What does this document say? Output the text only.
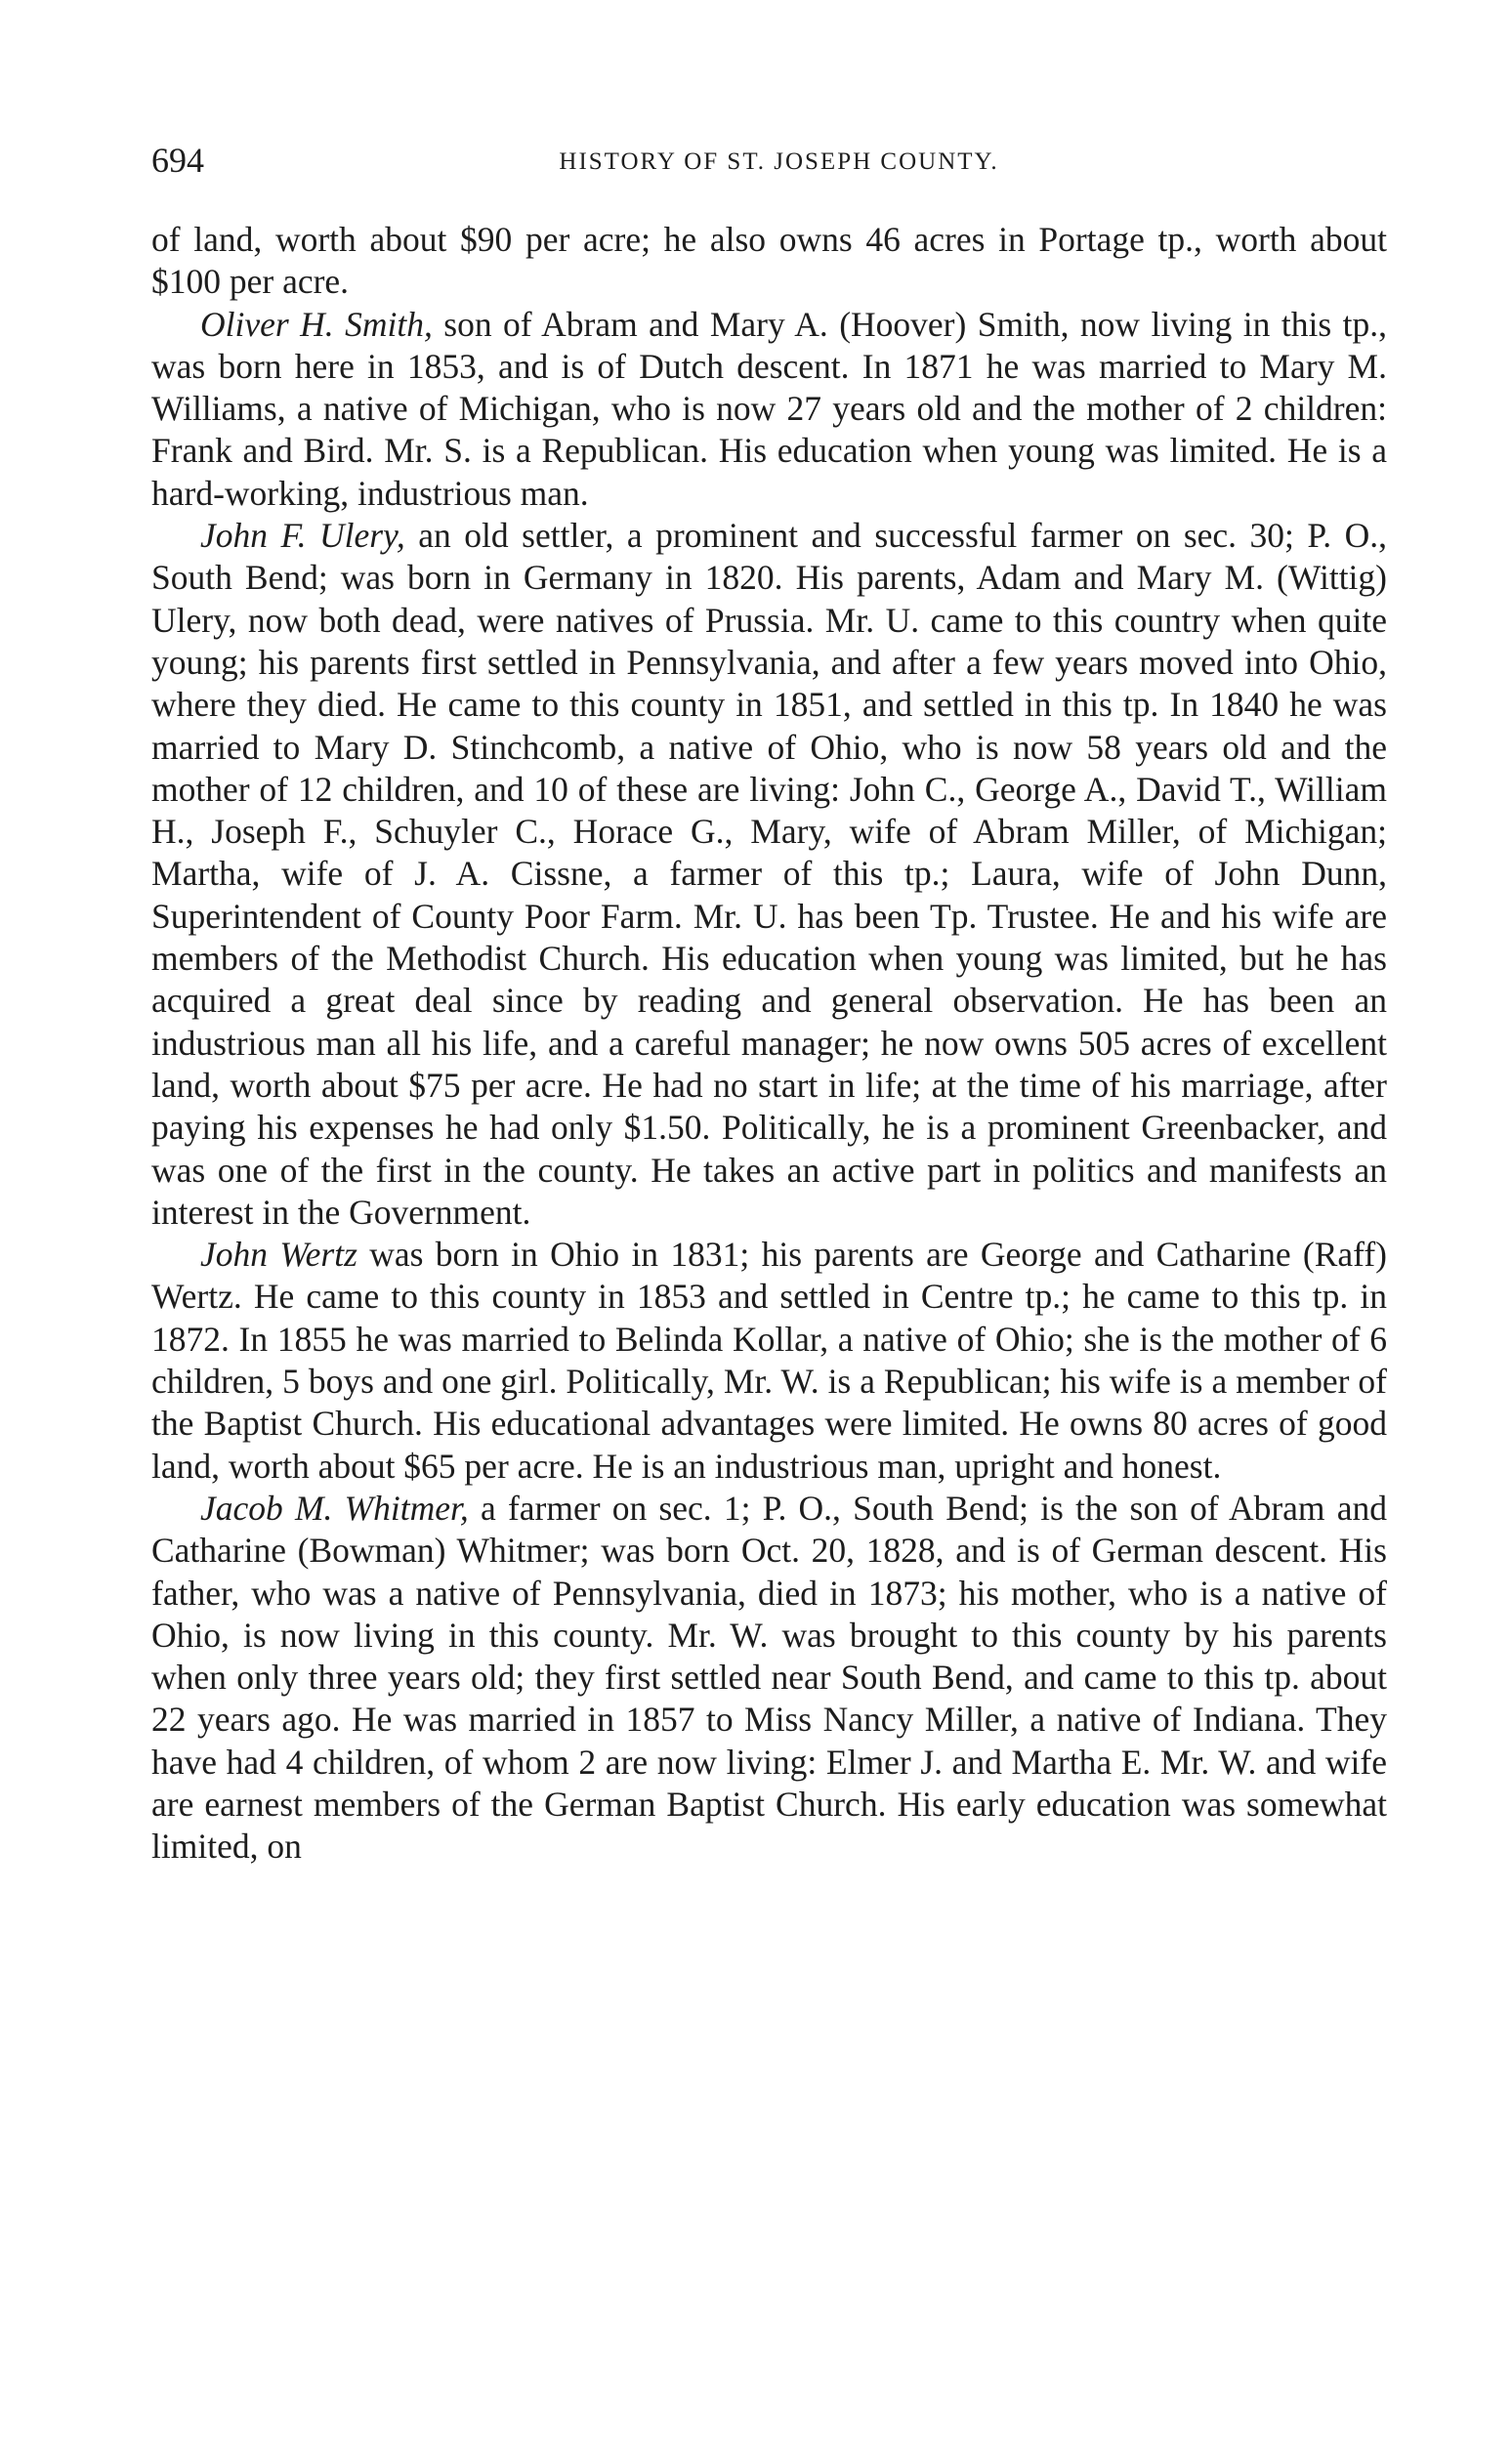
694	HISTORY OF ST. JOSEPH COUNTY.

of land, worth about $90 per acre; he also owns 46 acres in Portage tp., worth about $100 per acre.

Oliver H. Smith, son of Abram and Mary A. (Hoover) Smith, now living in this tp., was born here in 1853, and is of Dutch descent. In 1871 he was married to Mary M. Williams, a native of Michigan, who is now 27 years old and the mother of 2 children: Frank and Bird. Mr. S. is a Republican. His education when young was limited. He is a hard-working, industrious man.

John F. Ulery, an old settler, a prominent and successful farmer on sec. 30; P. O., South Bend; was born in Germany in 1820. His parents, Adam and Mary M. (Wittig) Ulery, now both dead, were natives of Prussia. Mr. U. came to this country when quite young; his parents first settled in Pennsylvania, and after a few years moved into Ohio, where they died. He came to this county in 1851, and settled in this tp. In 1840 he was married to Mary D. Stinchcomb, a native of Ohio, who is now 58 years old and the mother of 12 children, and 10 of these are living: John C., George A., David T., William H., Joseph F., Schuyler C., Horace G., Mary, wife of Abram Miller, of Michigan; Martha, wife of J. A. Cissne, a farmer of this tp.; Laura, wife of John Dunn, Superintendent of County Poor Farm. Mr. U. has been Tp. Trustee. He and his wife are members of the Methodist Church. His education when young was limited, but he has acquired a great deal since by reading and general observation. He has been an industrious man all his life, and a careful manager; he now owns 505 acres of excellent land, worth about $75 per acre. He had no start in life; at the time of his marriage, after paying his expenses he had only $1.50. Politically, he is a prominent Greenbacker, and was one of the first in the county. He takes an active part in politics and manifests an interest in the Government.

John Wertz was born in Ohio in 1831; his parents are George and Catharine (Raff) Wertz. He came to this county in 1853 and settled in Centre tp.; he came to this tp. in 1872. In 1855 he was married to Belinda Kollar, a native of Ohio; she is the mother of 6 children, 5 boys and one girl. Politically, Mr. W. is a Republican; his wife is a member of the Baptist Church. His educational advantages were limited. He owns 80 acres of good land, worth about $65 per acre. He is an industrious man, upright and honest.

Jacob M. Whitmer, a farmer on sec. 1; P. O., South Bend; is the son of Abram and Catharine (Bowman) Whitmer; was born Oct. 20, 1828, and is of German descent. His father, who was a native of Pennsylvania, died in 1873; his mother, who is a native of Ohio, is now living in this county. Mr. W. was brought to this county by his parents when only three years old; they first settled near South Bend, and came to this tp. about 22 years ago. He was married in 1857 to Miss Nancy Miller, a native of Indiana. They have had 4 children, of whom 2 are now living: Elmer J. and Martha E. Mr. W. and wife are earnest members of the German Baptist Church. His early education was somewhat limited, on
